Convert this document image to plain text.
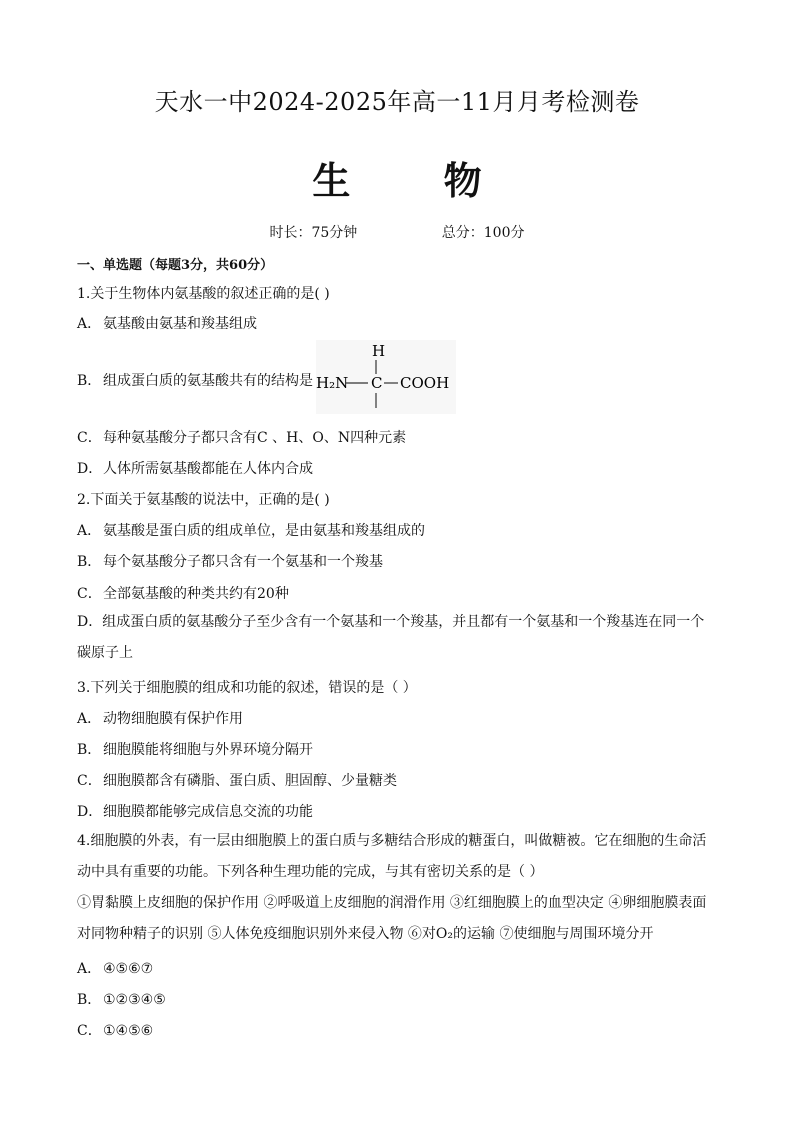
天水一中2024-2025年高一11月月考检测卷
生 物
时长：75分钟	总分：100分
一、单选题（每题3分，共60分）
1.关于生物体内氨基酸的叙述正确的是( )
A． 氨基酸由氨基和羧基组成
B． 组成蛋白质的氨基酸共有的结构是
H
H₂N C COOH
C．每种氨基酸分子都只含有C 、H、O、N四种元素
D．人体所需氨基酸都能在人体内合成
2.下面关于氨基酸的说法中，正确的是( )
A． 氨基酸是蛋白质的组成单位，是由氨基和羧基组成的
B． 每个氨基酸分子都只含有一个氨基和一个羧基
C．全部氨基酸的种类共约有20种
D．组成蛋白质的氨基酸分子至少含有一个氨基和一个羧基，并且都有一个氨基和一个羧基连在同一个碳原子上
3.下列关于细胞膜的组成和功能的叙述，错误的是（ ）
A． 动物细胞膜有保护作用
B． 细胞膜能将细胞与外界环境分隔开
C．细胞膜都含有磷脂、蛋白质、胆固醇、少量糖类
D．细胞膜都能够完成信息交流的功能
4.细胞膜的外表，有一层由细胞膜上的蛋白质与多糖结合形成的糖蛋白，叫做糖被。它在细胞的生命活动中具有重要的功能。下列各种生理功能的完成，与其有密切关系的是（ ）
①胃黏膜上皮细胞的保护作用 ②呼吸道上皮细胞的润滑作用 ③红细胞膜上的血型决定 ④卵细胞膜表面对同物种精子的识别 ⑤人体免疫细胞识别外来侵入物 ⑥对O₂的运输 ⑦使细胞与周围环境分开
A． ④⑤⑥⑦
B． ①②③④⑤
C．①④⑤⑥
